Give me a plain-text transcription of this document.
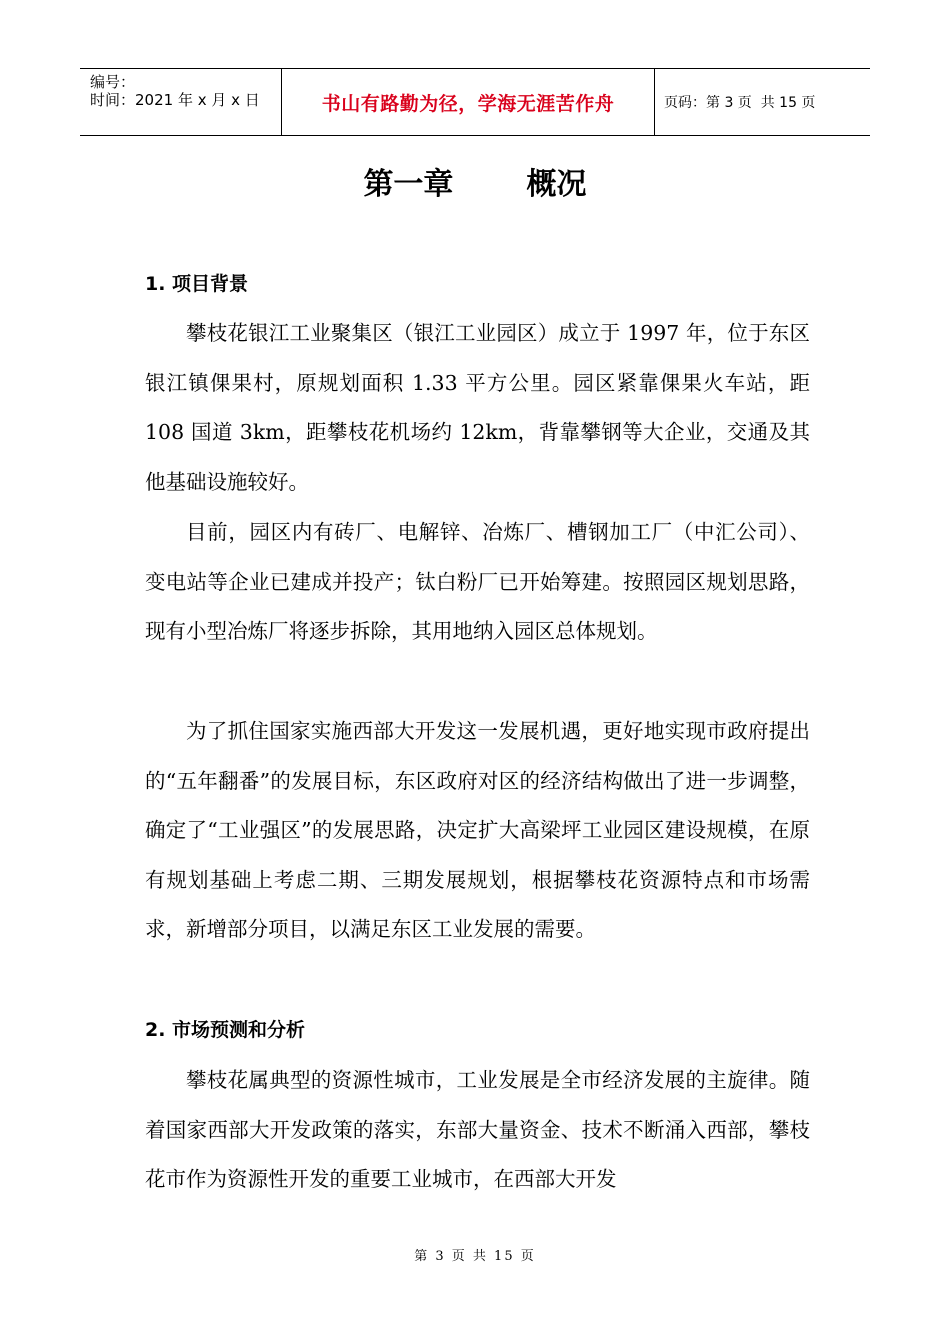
编号：
时间：2021 年 x 月 x 日	书山有路勤为径，学海无涯苦作舟	页码：第 3 页  共 15 页
第一章       概况
1. 项目背景

攀枝花银江工业聚集区（银江工业园区）成立于 1997 年，位于东区银江镇倮果村，原规划面积 1.33 平方公里。园区紧靠倮果火车站，距 108 国道 3km，距攀枝花机场约 12km，背靠攀钢等大企业，交通及其他基础设施较好。

目前，园区内有砖厂、电解锌、冶炼厂、槽钢加工厂（中汇公司）、变电站等企业已建成并投产；钛白粉厂已开始筹建。按照园区规划思路，现有小型冶炼厂将逐步拆除，其用地纳入园区总体规划。

为了抓住国家实施西部大开发这一发展机遇，更好地实现市政府提出的“五年翻番”的发展目标，东区政府对区的经济结构做出了进一步调整，确定了“工业强区”的发展思路，决定扩大高梁坪工业园区建设规模，在原有规划基础上考虑二期、三期发展规划，根据攀枝花资源特点和市场需求，新增部分项目，以满足东区工业发展的需要。

2. 市场预测和分析

攀枝花属典型的资源性城市，工业发展是全市经济发展的主旋律。随着国家西部大开发政策的落实，东部大量资金、技术不断涌入西部，攀枝花市作为资源性开发的重要工业城市，在西部大开发

第 3 页 共 15 页
